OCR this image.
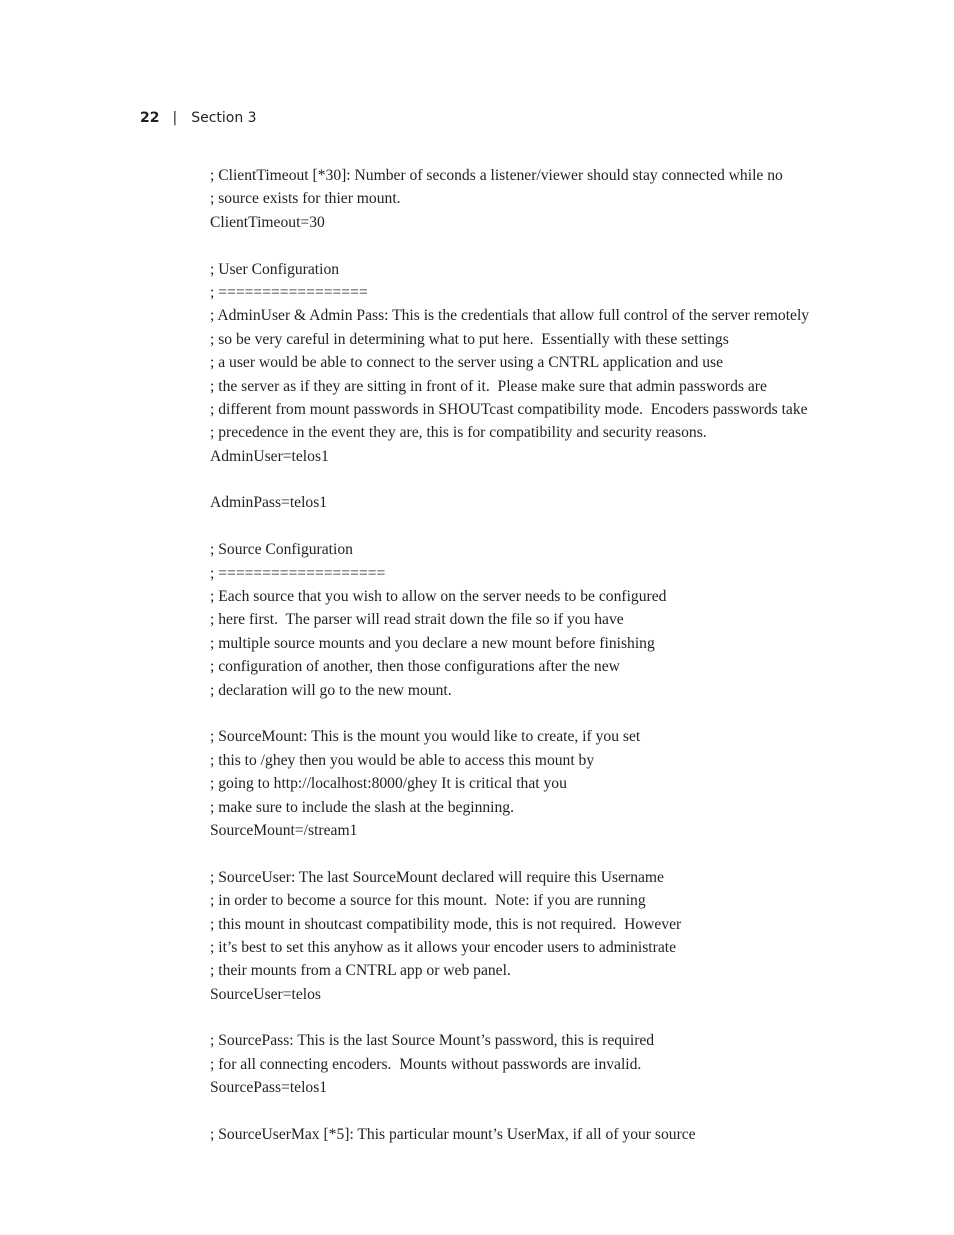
22 | Section 3
; ClientTimeout [*30]: Number of seconds a listener/viewer should stay connected while no
; source exists for thier mount.
ClientTimeout=30

; User Configuration
; =================
; AdminUser & Admin Pass: This is the credentials that allow full control of the server remotely
; so be very careful in determining what to put here.  Essentially with these settings
; a user would be able to connect to the server using a CNTRL application and use
; the server as if they are sitting in front of it.  Please make sure that admin passwords are
; different from mount passwords in SHOUTcast compatibility mode.  Encoders passwords take
; precedence in the event they are, this is for compatibility and security reasons.
AdminUser=telos1

AdminPass=telos1

; Source Configuration
; ===================
; Each source that you wish to allow on the server needs to be configured
; here first.  The parser will read strait down the file so if you have
; multiple source mounts and you declare a new mount before finishing
; configuration of another, then those configurations after the new
; declaration will go to the new mount.

; SourceMount: This is the mount you would like to create, if you set
; this to /ghey then you would be able to access this mount by
; going to http://localhost:8000/ghey It is critical that you
; make sure to include the slash at the beginning.
SourceMount=/stream1

; SourceUser: The last SourceMount declared will require this Username
; in order to become a source for this mount.  Note: if you are running
; this mount in shoutcast compatibility mode, this is not required.  However
; it’s best to set this anyhow as it allows your encoder users to administrate
; their mounts from a CNTRL app or web panel.
SourceUser=telos

; SourcePass: This is the last Source Mount’s password, this is required
; for all connecting encoders.  Mounts without passwords are invalid.
SourcePass=telos1

; SourceUserMax [*5]: This particular mount’s UserMax, if all of your source
